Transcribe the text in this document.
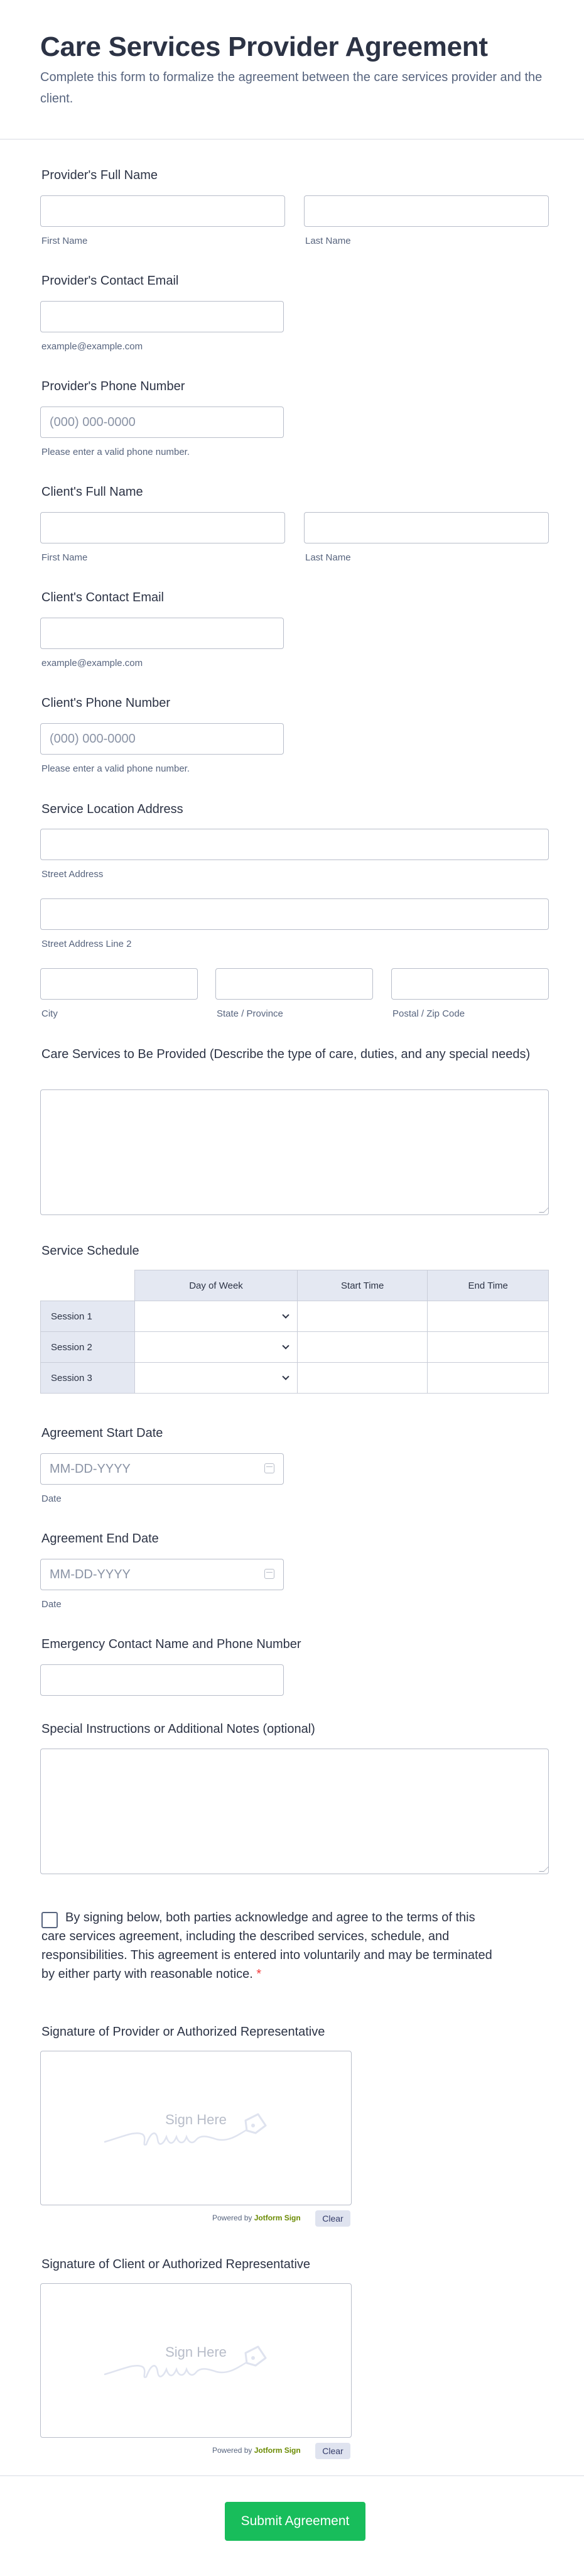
Care Services Provider Agreement

Complete this form to formalize the agreement between the care services provider and the client.

Provider's Full Name
First Name	Last Name
Provider's Contact Email
example@example.com
Provider's Phone Number
(000) 000-0000
Please enter a valid phone number.
Client's Full Name
First Name	Last Name
Client's Contact Email
example@example.com
Client's Phone Number
(000) 000-0000
Please enter a valid phone number.
Service Location Address
Street Address
Street Address Line 2
City	State / Province	Postal / Zip Code
Care Services to Be Provided (Describe the type of care, duties, and any special needs)
Service Schedule
	Day of Week	Start Time	End Time
Session 1	

Session 2	

Session 3	

Agreement Start Date
MM-DD-YYYY
Date
Agreement End Date
MM-DD-YYYY
Date
Emergency Contact Name and Phone Number
Special Instructions or Additional Notes (optional)
By signing below, both parties acknowledge and agree to the terms of this care services agreement, including the described services, schedule, and responsibilities. This agreement is entered into voluntarily and may be terminated by either party with reasonable notice. *
Signature of Provider or Authorized Representative
Sign Here
Powered by Jotform Sign	Clear
Signature of Client or Authorized Representative
Sign Here
Powered by Jotform Sign	Clear
Submit Agreement
